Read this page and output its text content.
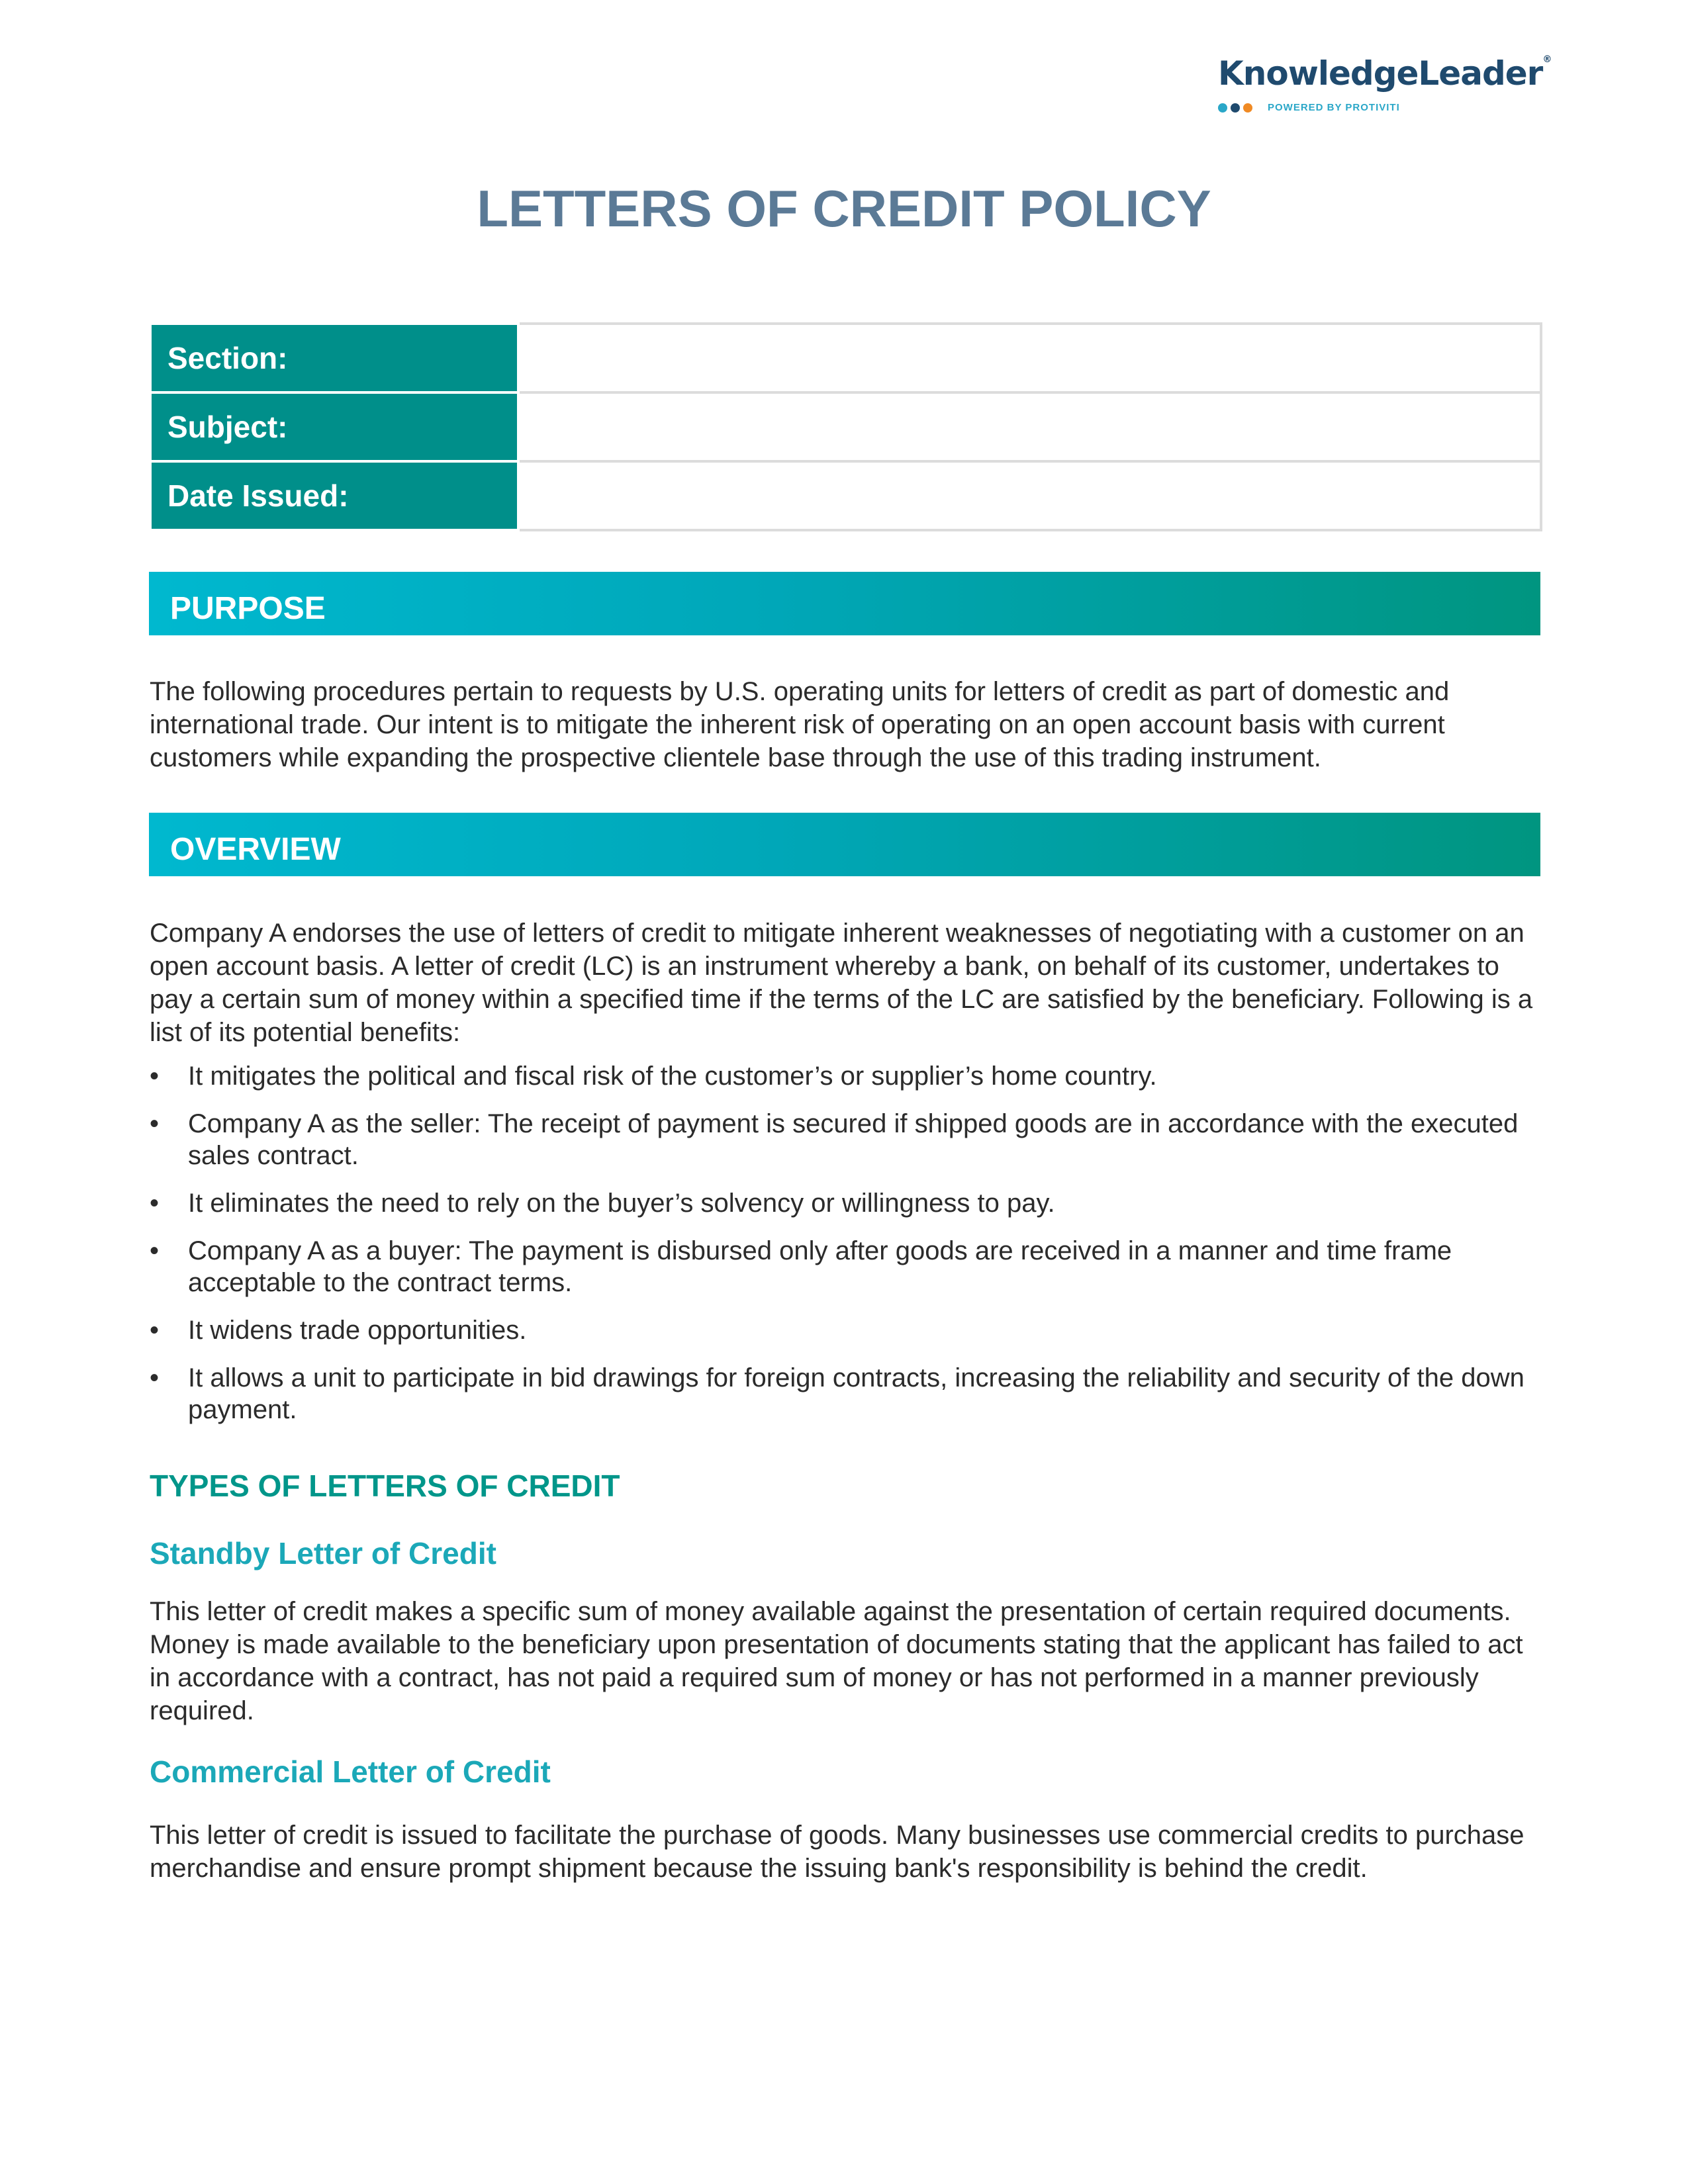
KnowledgeLeader®
POWERED BY PROTIVITI
LETTERS OF CREDIT POLICY
Section:	
Subject:	
Date Issued:	
PURPOSE

The following procedures pertain to requests by U.S. operating units for letters of credit as part of domestic and international trade. Our intent is to mitigate the inherent risk of operating on an open account basis with current customers while expanding the prospective clientele base through the use of this trading instrument.

OVERVIEW

Company A endorses the use of letters of credit to mitigate inherent weaknesses of negotiating with a customer on an open account basis. A letter of credit (LC) is an instrument whereby a bank, on behalf of its customer, undertakes to pay a certain sum of money within a specified time if the terms of the LC are satisfied by the beneficiary. Following is a list of its potential benefits:

• It mitigates the political and fiscal risk of the customer’s or supplier’s home country.
• Company A as the seller: The receipt of payment is secured if shipped goods are in accordance with the executed sales contract.
• It eliminates the need to rely on the buyer’s solvency or willingness to pay.
• Company A as a buyer: The payment is disbursed only after goods are received in a manner and time frame acceptable to the contract terms.
• It widens trade opportunities.
• It allows a unit to participate in bid drawings for foreign contracts, increasing the reliability and security of the down payment.
TYPES OF LETTERS OF CREDIT
Standby Letter of Credit

This letter of credit makes a specific sum of money available against the presentation of certain required documents. Money is made available to the beneficiary upon presentation of documents stating that the applicant has failed to act in accordance with a contract, has not paid a required sum of money or has not performed in a manner previously required.

Commercial Letter of Credit

This letter of credit is issued to facilitate the purchase of goods. Many businesses use commercial credits to purchase merchandise and ensure prompt shipment because the issuing bank's responsibility is behind the credit.
